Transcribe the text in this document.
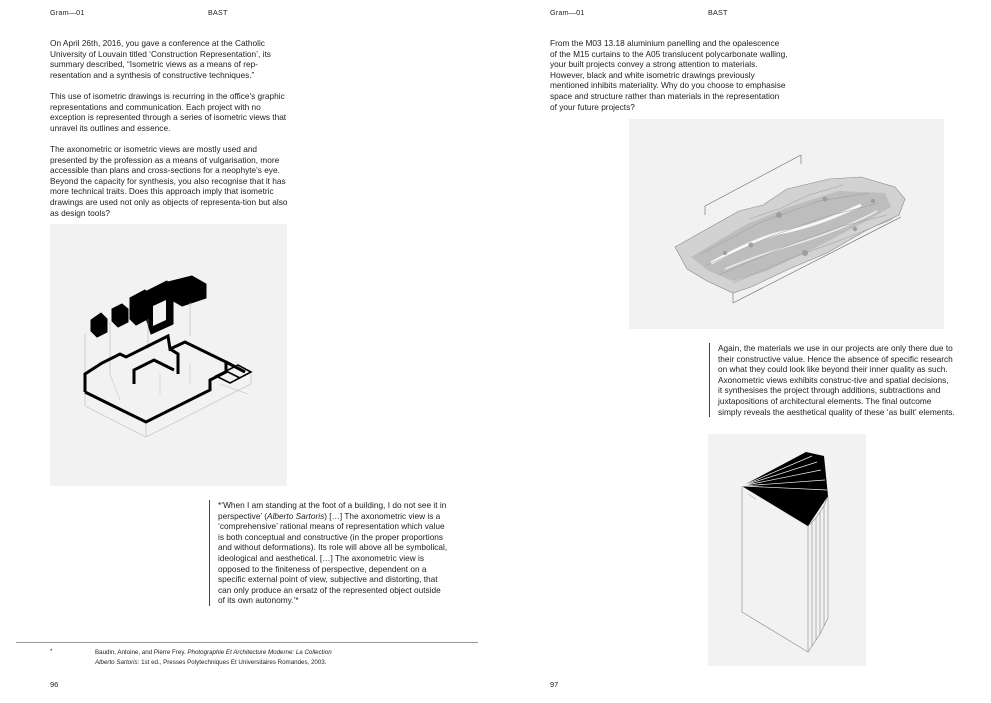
Gram—01	BAST

On April 26th, 2016, you gave a conference at the Catholic University of Louvain titled ‘Construction Representation’, its summary described, “Isometric views as a means of rep-resentation and a synthesis of constructive techniques.”

This use of isometric drawings is recurring in the office's graphic representations and communication. Each project with no exception is represented through a series of isometric views that unravel its outlines and essence.

The axonometric or isometric views are mostly used and presented by the profession as a means of vulgarisation, more accessible than plans and cross-sections for a neophyte's eye. Beyond the capacity for synthesis, you also recognise that it has more technical traits. Does this approach imply that isometric drawings are used not only as objects of representa-tion but also as design tools?

*‘When I am standing at the foot of a building, I do not see it in perspective’ (Alberto Sartoris) […] The axonometric view is a ‘comprehensive’ rational means of representation which value is both conceptual and constructive (in the proper proportions and without deformations). Its role will above all be symbolical, ideological and aesthetical. […] The axonometric view is opposed to the finiteness of perspective, dependent on a specific external point of view, subjective and distorting, that can only produce an ersatz of the represented object outside of its own autonomy.’*
*	Baudin, Antoine, and Pierre Frey. Photographie Et Architecture Moderne: La Collection
Alberto Sartoris: 1st ed., Presses Polytechniques Et Universitaires Romandes, 2003.
96
Gram—01	BAST
From the M03 13.18 aluminium panelling and the opalescence of the M15 curtains to the A05 translucent polycarbonate walling, your built projects convey a strong attention to materials. However, black and white isometric drawings previously mentioned inhibits materiality. Why do you choose to emphasise space and structure rather than materials in the representation of your future projects?
Again, the materials we use in our projects are only there due to their constructive value. Hence the absence of specific research on what they could look like beyond their inner quality as such. Axonometric views exhibits construc-tive and spatial decisions, it synthesises the project through additions, subtractions and juxtapositions of architectural elements. The final outcome simply reveals the aesthetical quality of these ‘as built’ elements.
97
